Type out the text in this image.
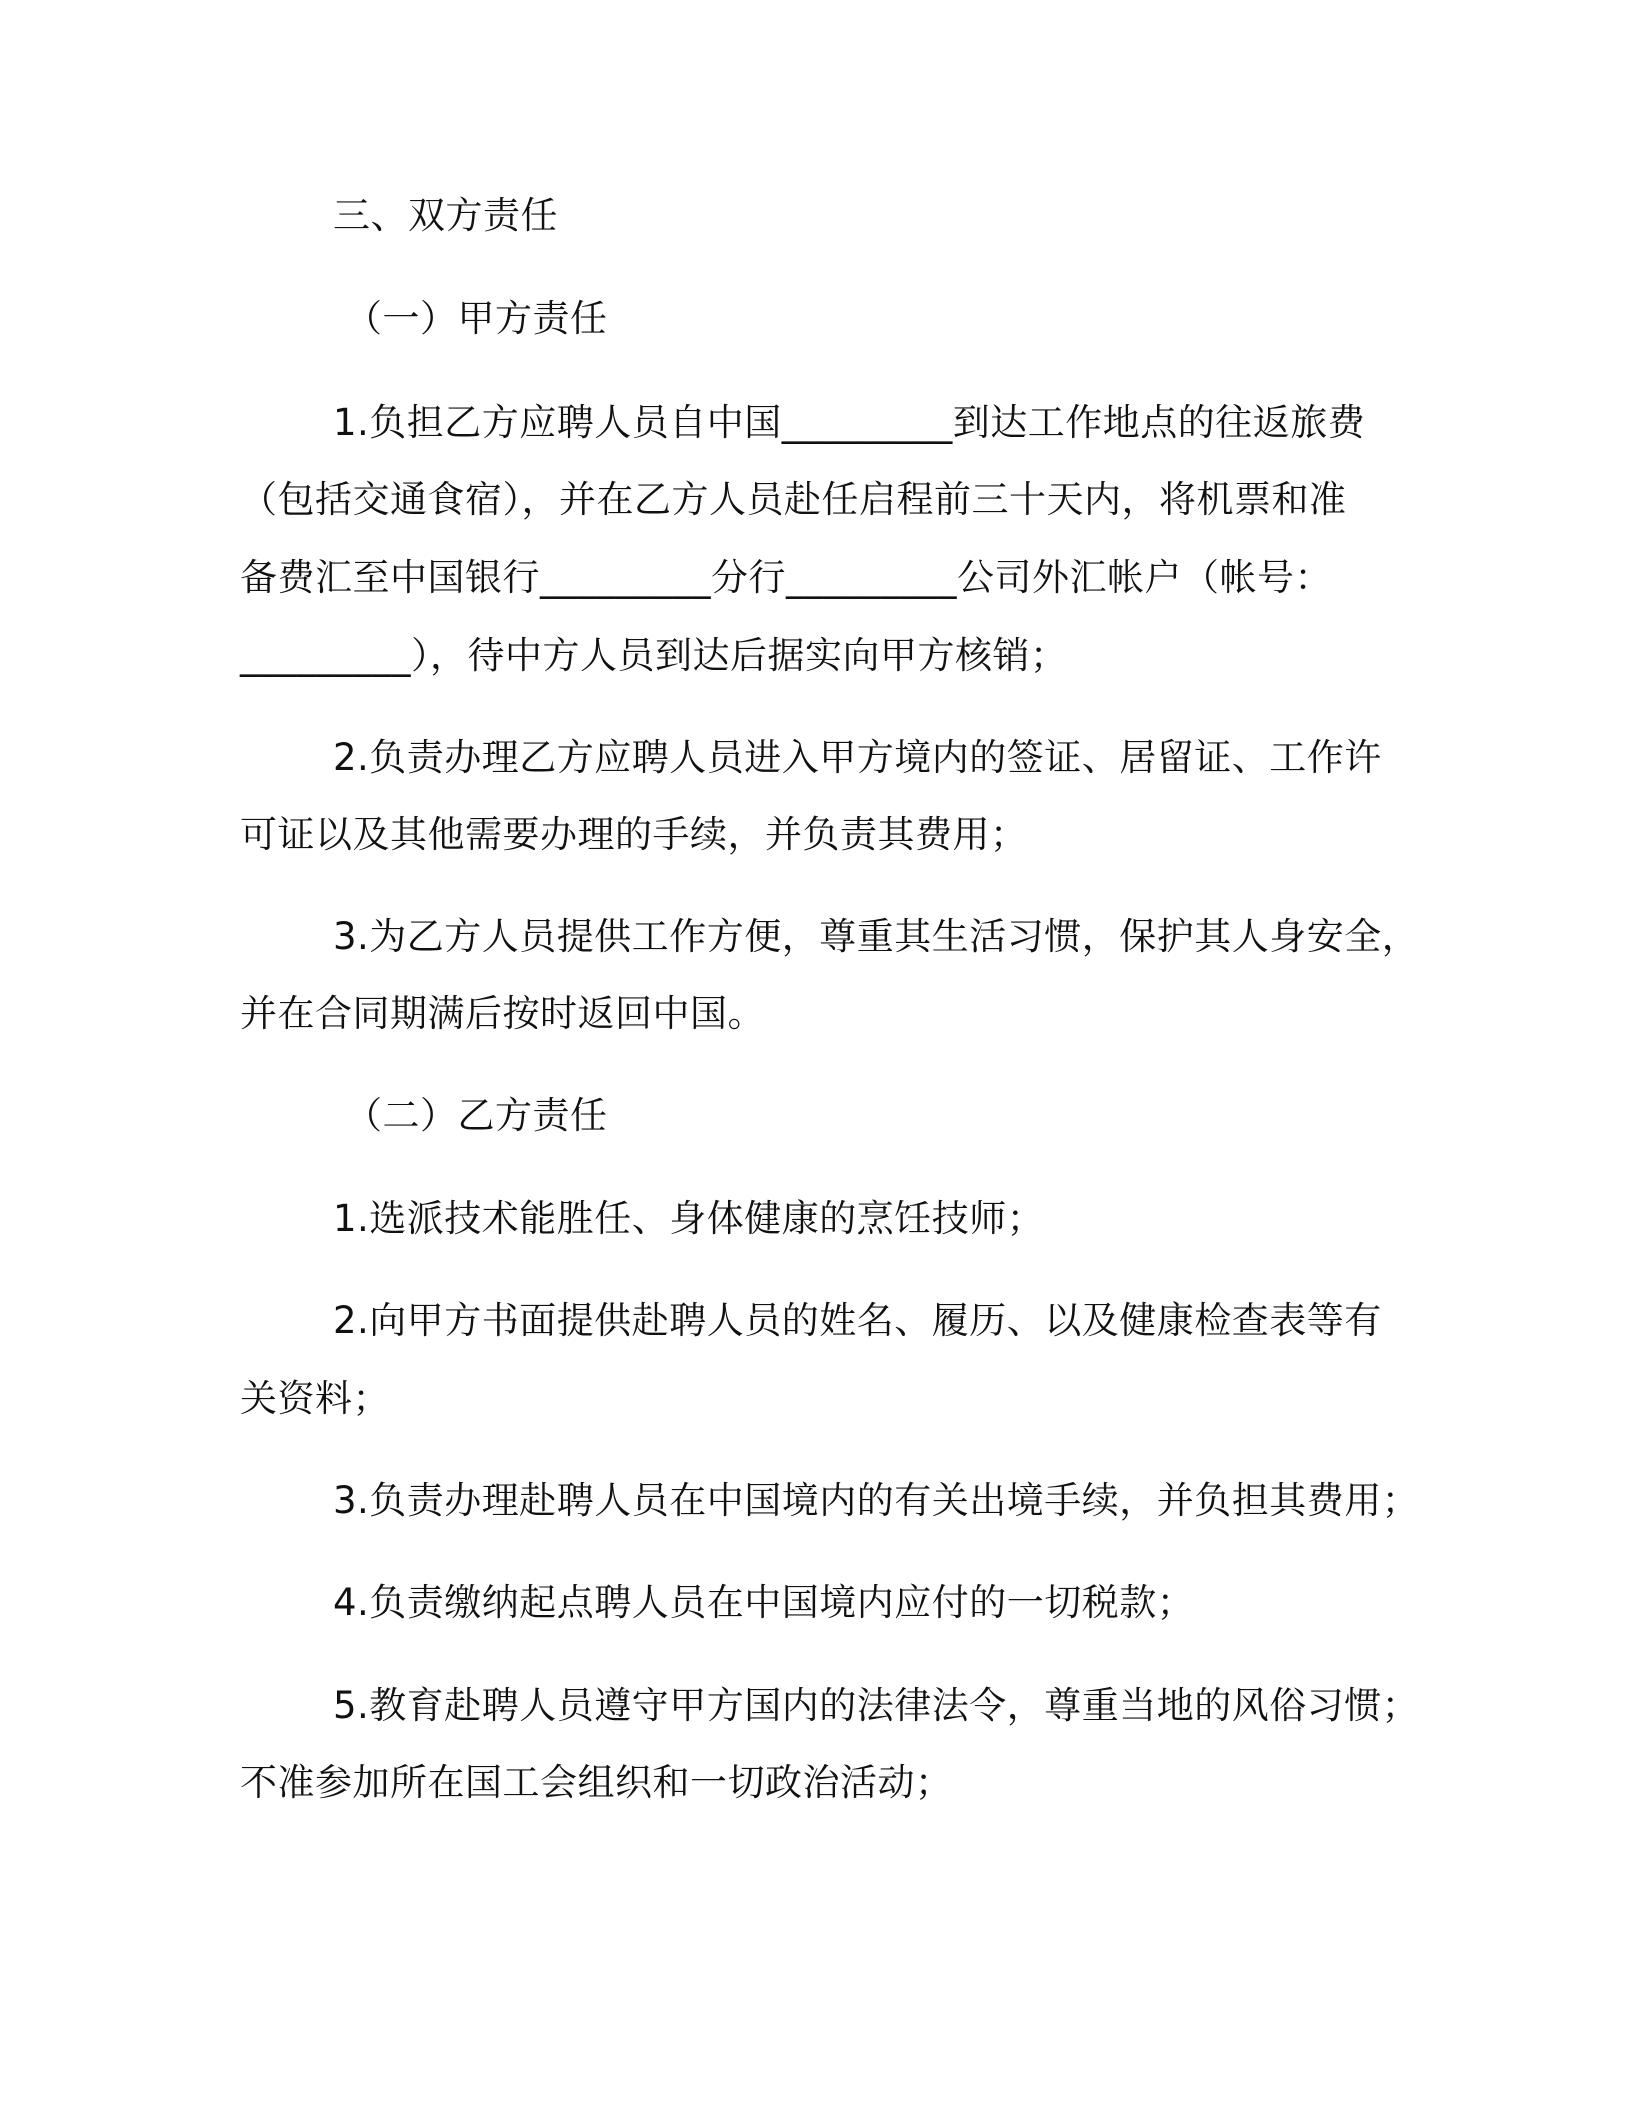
三、双方责任
（一）甲方责任
1.负担乙方应聘人员自中国_________到达工作地点的往返旅费
（包括交通食宿），并在乙方人员赴任启程前三十天内，将机票和准
备费汇至中国银行_________分行_________公司外汇帐户（帐号：
_________），待中方人员到达后据实向甲方核销；
2.负责办理乙方应聘人员进入甲方境内的签证、居留证、工作许
可证以及其他需要办理的手续，并负责其费用；
3.为乙方人员提供工作方便，尊重其生活习惯，保护其人身安全，
并在合同期满后按时返回中国。
（二）乙方责任
1.选派技术能胜任、身体健康的烹饪技师；
2.向甲方书面提供赴聘人员的姓名、履历、以及健康检查表等有
关资料；
3.负责办理赴聘人员在中国境内的有关出境手续，并负担其费用；
4.负责缴纳起点聘人员在中国境内应付的一切税款；
5.教育赴聘人员遵守甲方国内的法律法令，尊重当地的风俗习惯；
不准参加所在国工会组织和一切政治活动；
